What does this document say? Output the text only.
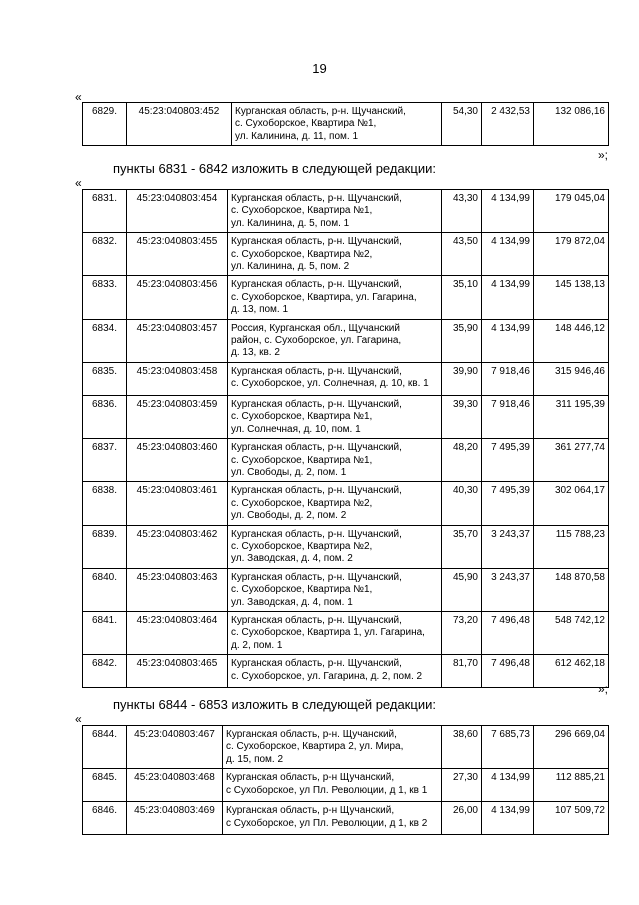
19
«
6829.	45:23:040803:452	Курганская область, р-н. Щучанский,
с. Сухоборское, Квартира №1,
ул. Калинина, д. 11, пом. 1	54,30	2 432,53	132 086,16
»;
пункты 6831 - 6842 изложить в следующей редакции:
«
6831.	45:23:040803:454	Курганская область, р-н. Щучанский,
с. Сухоборское, Квартира №1,
ул. Калинина, д. 5, пом. 1	43,30	4 134,99	179 045,04
6832.	45:23:040803:455	Курганская область, р-н. Щучанский,
с. Сухоборское, Квартира №2,
ул. Калинина, д. 5, пом. 2	43,50	4 134,99	179 872,04
6833.	45:23:040803:456	Курганская область, р-н. Щучанский,
с. Сухоборское, Квартира, ул. Гагарина,
д. 13, пом. 1	35,10	4 134,99	145 138,13
6834.	45:23:040803:457	Россия, Курганская обл., Щучанский
район, с. Сухоборское, ул. Гагарина,
д. 13, кв. 2	35,90	4 134,99	148 446,12
6835.	45:23:040803:458	Курганская область, р-н. Щучанский,
с. Сухоборское, ул. Солнечная, д. 10, кв. 1	39,90	7 918,46	315 946,46
6836.	45:23:040803:459	Курганская область, р-н. Щучанский,
с. Сухоборское, Квартира №1,
ул. Солнечная, д. 10, пом. 1	39,30	7 918,46	311 195,39
6837.	45:23:040803:460	Курганская область, р-н. Щучанский,
с. Сухоборское, Квартира №1,
ул. Свободы, д. 2, пом. 1	48,20	7 495,39	361 277,74
6838.	45:23:040803:461	Курганская область, р-н. Щучанский,
с. Сухоборское, Квартира №2,
ул. Свободы, д. 2, пом. 2	40,30	7 495,39	302 064,17
6839.	45:23:040803:462	Курганская область, р-н. Щучанский,
с. Сухоборское, Квартира №2,
ул. Заводская, д. 4, пом. 2	35,70	3 243,37	115 788,23
6840.	45:23:040803:463	Курганская область, р-н. Щучанский,
с. Сухоборское, Квартира №1,
ул. Заводская, д. 4, пом. 1	45,90	3 243,37	148 870,58
6841.	45:23:040803:464	Курганская область, р-н. Щучанский,
с. Сухоборское, Квартира 1, ул. Гагарина,
д. 2, пом. 1	73,20	7 496,48	548 742,12
6842.	45:23:040803:465	Курганская область, р-н. Щучанский,
с. Сухоборское, ул. Гагарина, д. 2, пом. 2	81,70	7 496,48	612 462,18
»;
пункты 6844 - 6853 изложить в следующей редакции:
«
6844.	45:23:040803:467	Курганская область, р-н. Щучанский,
с. Сухоборское, Квартира 2, ул. Мира,
д. 15, пом. 2	38,60	7 685,73	296 669,04
6845.	45:23:040803:468	Курганская область, р-н Щучанский,
с Сухоборское, ул Пл. Революции, д 1, кв 1	27,30	4 134,99	112 885,21
6846.	45:23:040803:469	Курганская область, р-н Щучанский,
с Сухоборское, ул Пл. Революции, д 1, кв 2	26,00	4 134,99	107 509,72
